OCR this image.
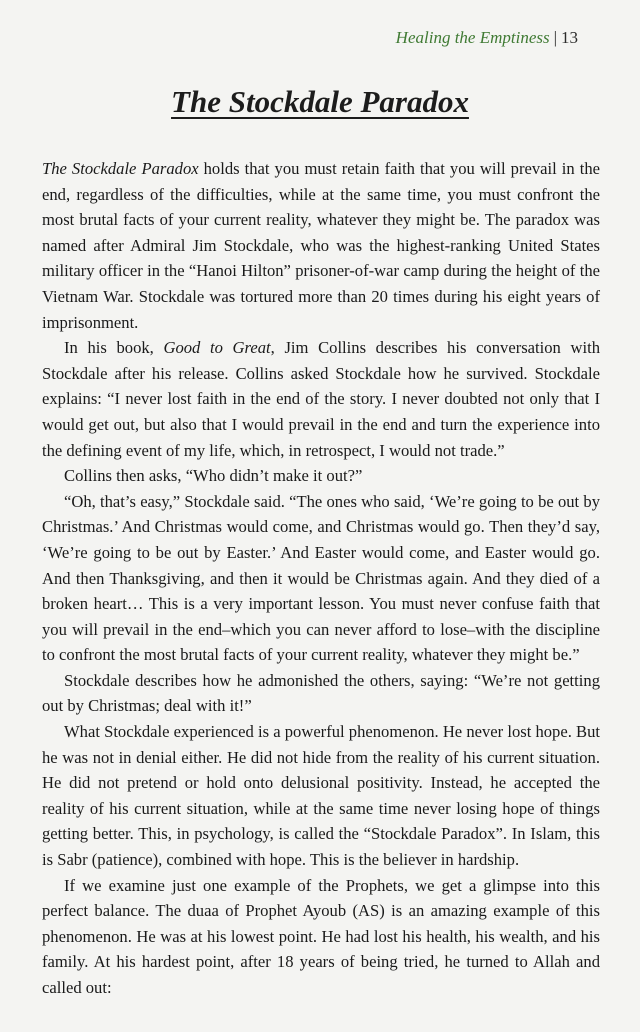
Healing the Emptiness | 13
The Stockdale Paradox

The Stockdale Paradox holds that you must retain faith that you will prevail in the end, regardless of the difficulties, while at the same time, you must confront the most brutal facts of your current reality, whatever they might be. The paradox was named after Admiral Jim Stockdale, who was the highest-ranking United States military officer in the “Hanoi Hilton” prisoner-of-war camp during the height of the Vietnam War. Stockdale was tortured more than 20 times during his eight years of imprisonment.

In his book, Good to Great, Jim Collins describes his conversation with Stockdale after his release. Collins asked Stockdale how he survived. Stockdale explains: “I never lost faith in the end of the story. I never doubted not only that I would get out, but also that I would prevail in the end and turn the experience into the defining event of my life, which, in retrospect, I would not trade.”

Collins then asks, “Who didn’t make it out?”

“Oh, that’s easy,” Stockdale said. “The ones who said, ‘We’re going to be out by Christmas.’ And Christmas would come, and Christmas would go. Then they’d say, ‘We’re going to be out by Easter.’ And Easter would come, and Easter would go. And then Thanksgiving, and then it would be Christmas again. And they died of a broken heart… This is a very important lesson. You must never confuse faith that you will prevail in the end–which you can never afford to lose–with the discipline to confront the most brutal facts of your current reality, whatever they might be.”

Stockdale describes how he admonished the others, saying: “We’re not getting out by Christmas; deal with it!”

What Stockdale experienced is a powerful phenomenon. He never lost hope. But he was not in denial either. He did not hide from the reality of his current situation. He did not pretend or hold onto delusional positivity. Instead, he accepted the reality of his current situation, while at the same time never losing hope of things getting better. This, in psychology, is called the “Stockdale Paradox”. In Islam, this is Sabr (patience), combined with hope. This is the believer in hardship.

If we examine just one example of the Prophets, we get a glimpse into this perfect balance. The duaa of Prophet Ayoub (AS) is an amazing example of this phenomenon. He was at his lowest point. He had lost his health, his wealth, and his family. At his hardest point, after 18 years of being tried, he turned to Allah and called out:
